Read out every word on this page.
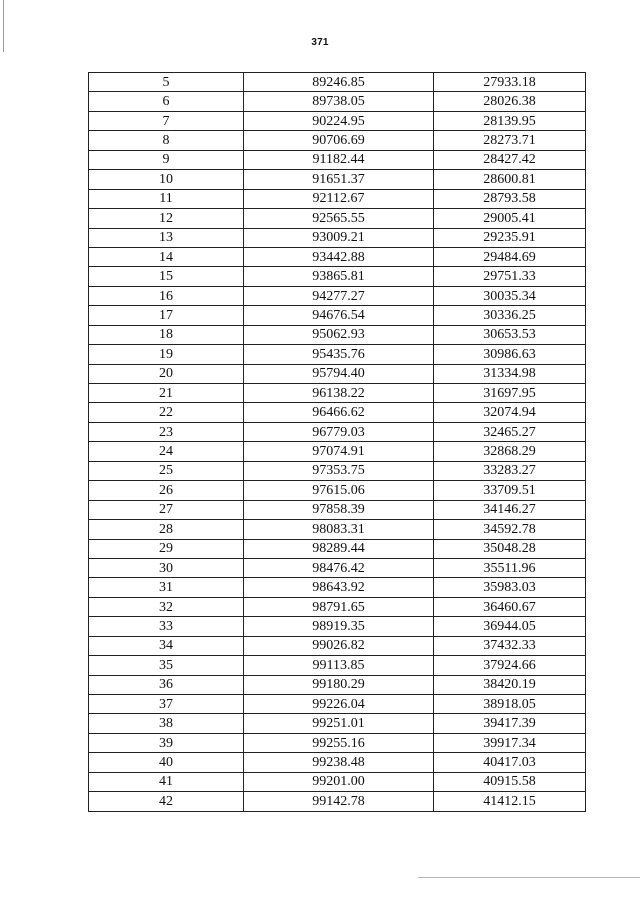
371
5	89246.85	27933.18
6	89738.05	28026.38
7	90224.95	28139.95
8	90706.69	28273.71
9	91182.44	28427.42
10	91651.37	28600.81
11	92112.67	28793.58
12	92565.55	29005.41
13	93009.21	29235.91
14	93442.88	29484.69
15	93865.81	29751.33
16	94277.27	30035.34
17	94676.54	30336.25
18	95062.93	30653.53
19	95435.76	30986.63
20	95794.40	31334.98
21	96138.22	31697.95
22	96466.62	32074.94
23	96779.03	32465.27
24	97074.91	32868.29
25	97353.75	33283.27
26	97615.06	33709.51
27	97858.39	34146.27
28	98083.31	34592.78
29	98289.44	35048.28
30	98476.42	35511.96
31	98643.92	35983.03
32	98791.65	36460.67
33	98919.35	36944.05
34	99026.82	37432.33
35	99113.85	37924.66
36	99180.29	38420.19
37	99226.04	38918.05
38	99251.01	39417.39
39	99255.16	39917.34
40	99238.48	40417.03
41	99201.00	40915.58
42	99142.78	41412.15
